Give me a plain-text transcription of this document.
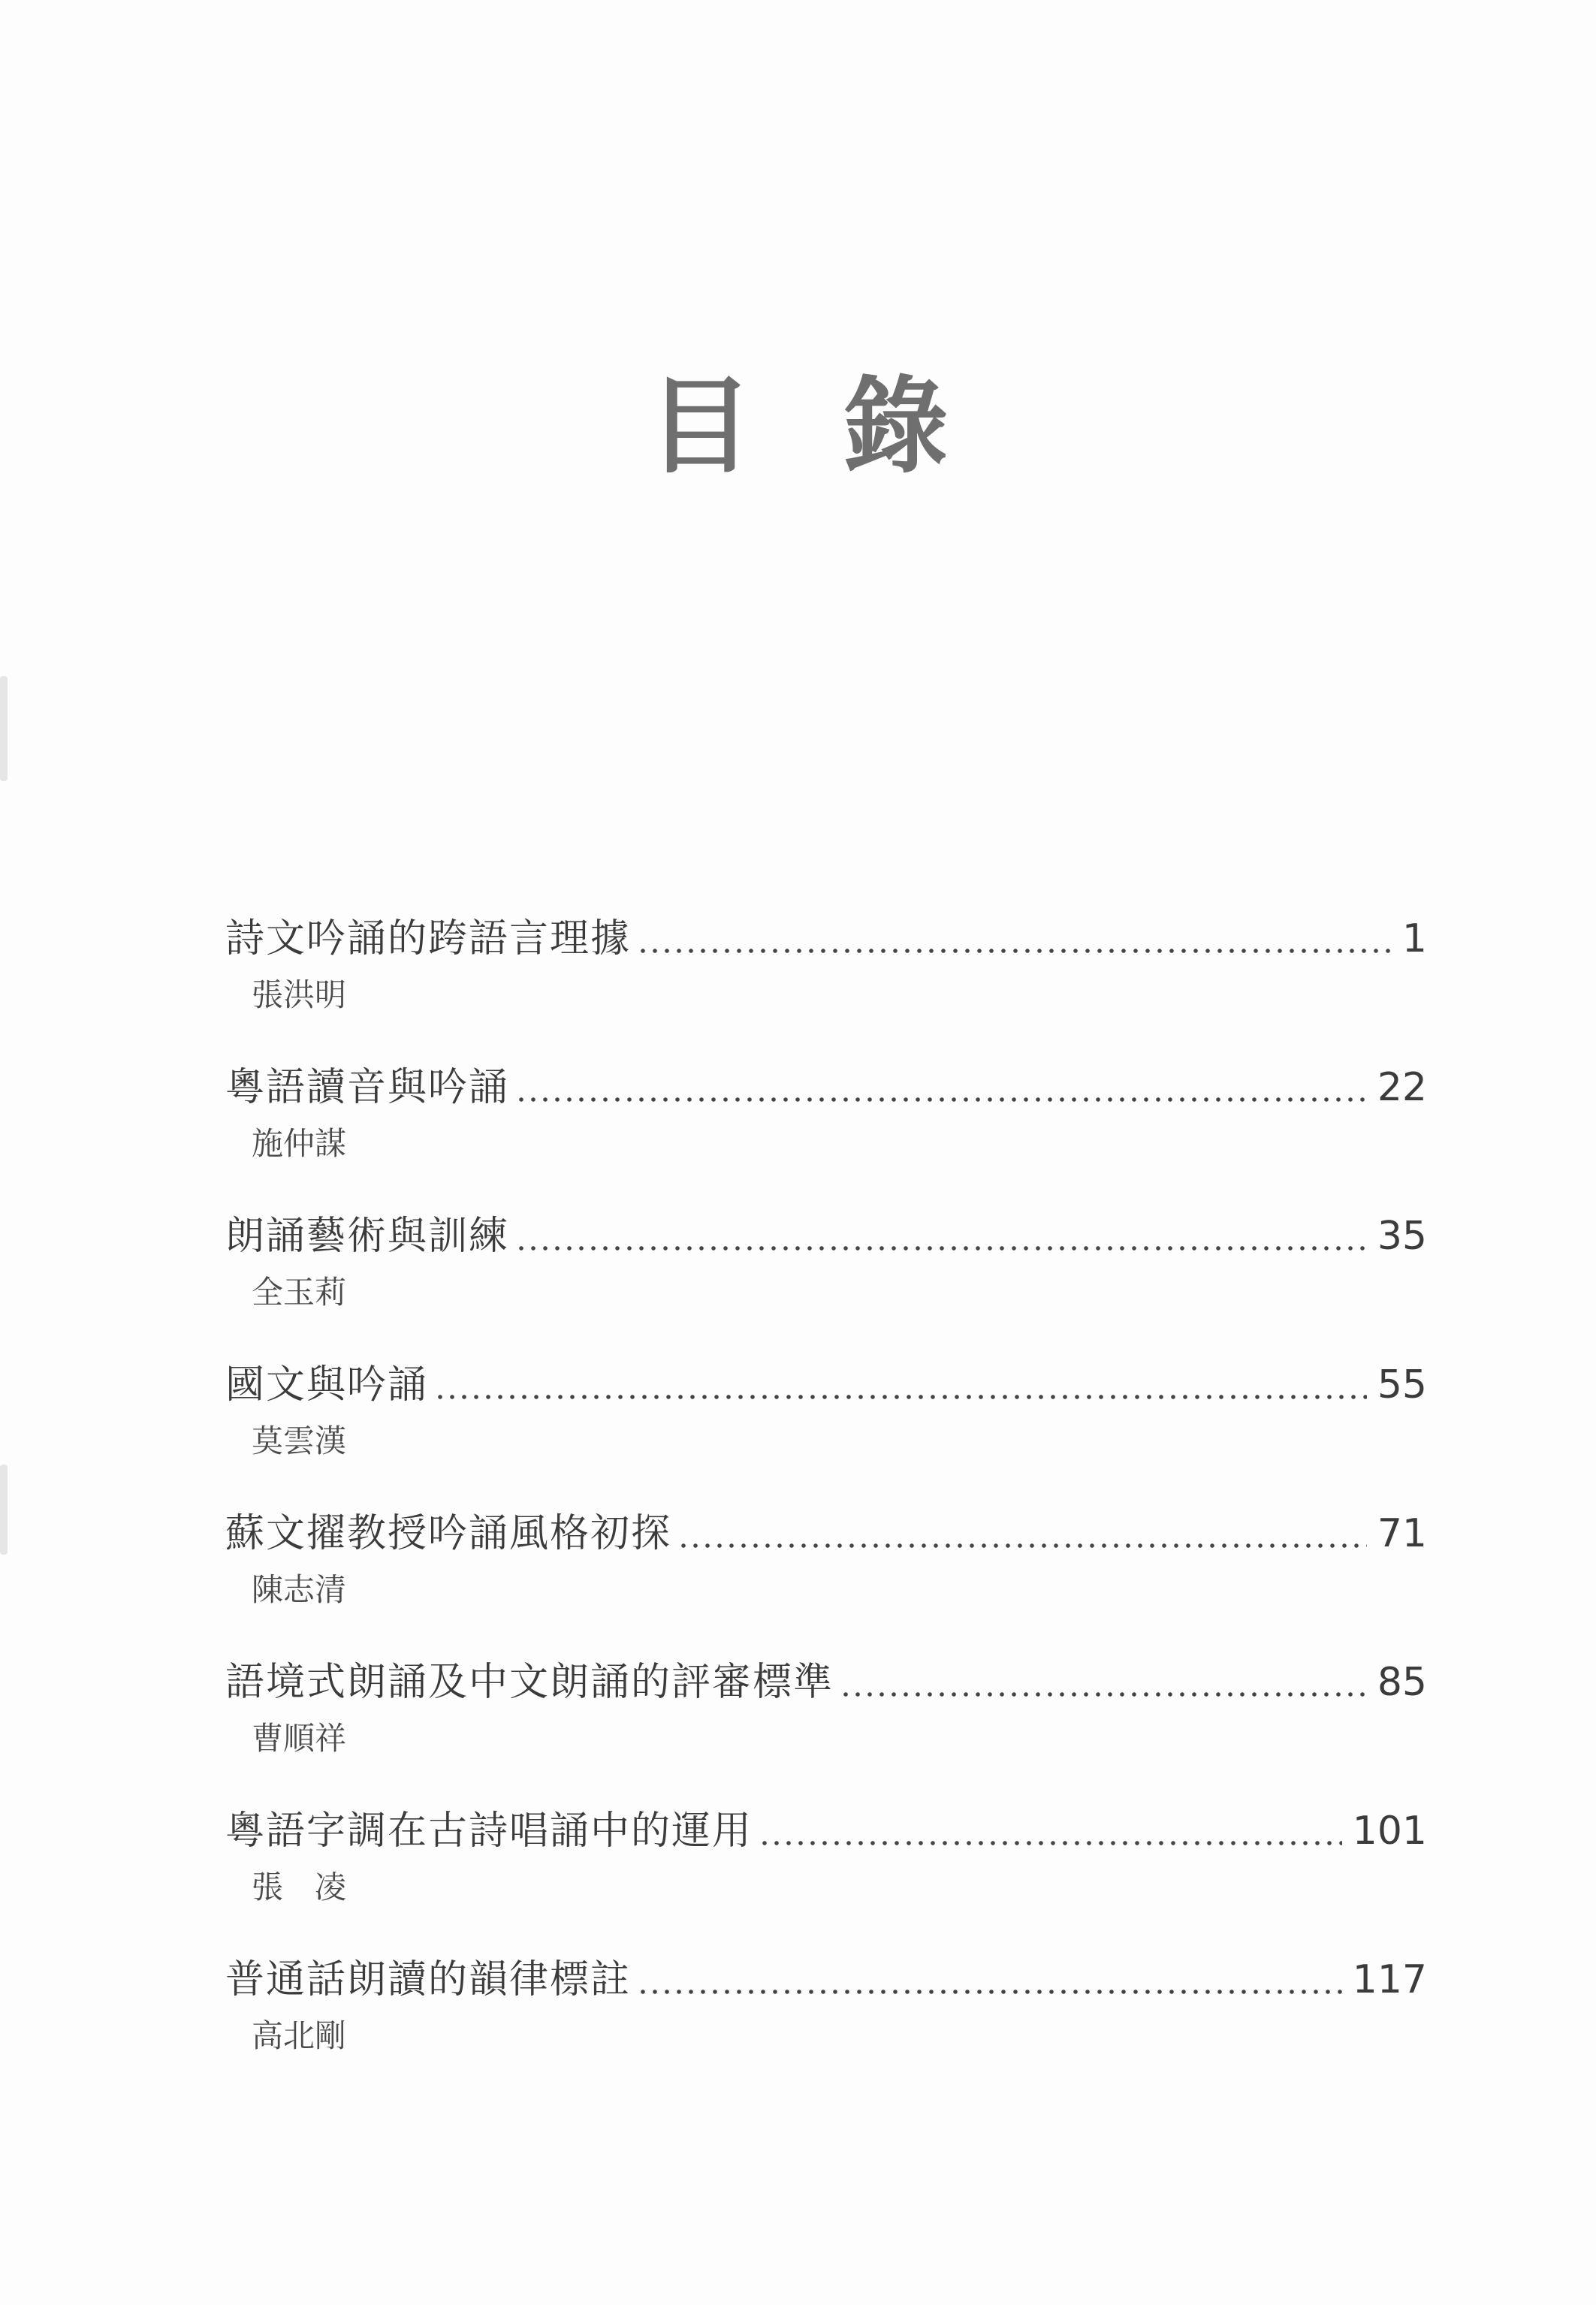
目 錄
詩文吟誦的跨語言理據	1
張洪明
粵語讀音與吟誦	22
施仲謀
朗誦藝術與訓練	35
全玉莉
國文與吟誦	55
莫雲漢
蘇文擢教授吟誦風格初探	71
陳志清
語境式朗誦及中文朗誦的評審標準	85
曹順祥
粵語字調在古詩唱誦中的運用	101
張　凌
普通話朗讀的韻律標註	117
高北剛
